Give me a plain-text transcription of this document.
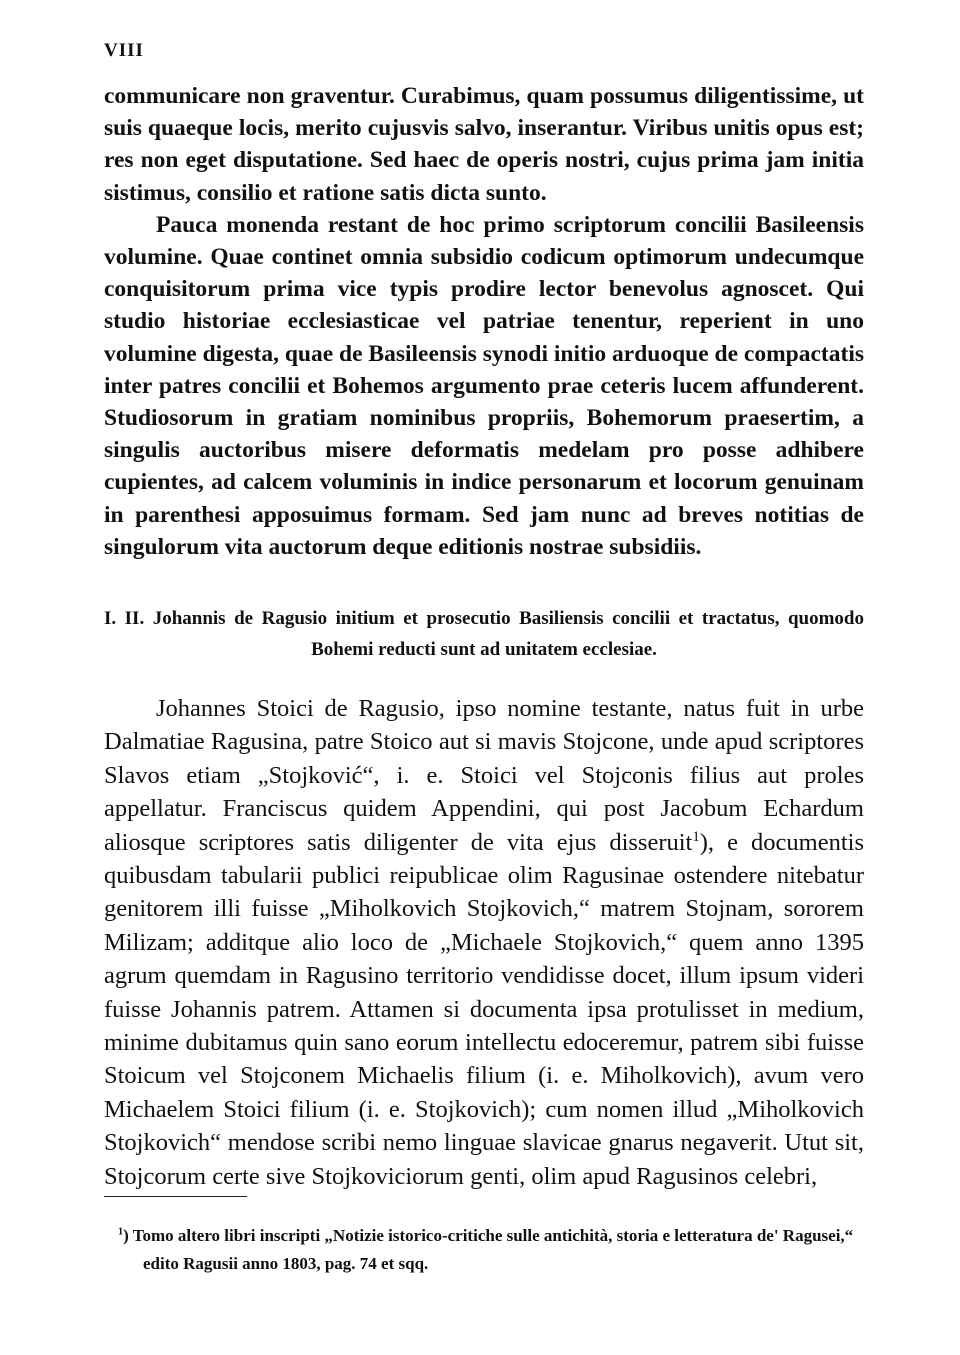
VIII

communicare non graventur. Curabimus, quam possumus diligentissime, ut suis quaeque locis, merito cujusvis salvo, inserantur. Viribus unitis opus est; res non eget disputatione. Sed haec de operis nostri, cujus prima jam initia sistimus, consilio et ratione satis dicta sunto.

Pauca monenda restant de hoc primo scriptorum concilii Basileensis volumine. Quae continet omnia subsidio codicum optimorum undecumque conquisitorum prima vice typis prodire lector benevolus agnoscet. Qui studio historiae ecclesiasticae vel patriae tenentur, reperient in uno volumine digesta, quae de Basileensis synodi initio arduoque de compactatis inter patres concilii et Bohemos argumento prae ceteris lucem affunderent. Studiosorum in gratiam nominibus propriis, Bohemorum praesertim, a singulis auctoribus misere deformatis medelam pro posse adhibere cupientes, ad calcem voluminis in indice personarum et locorum genuinam in parenthesi apposuimus formam. Sed jam nunc ad breves notitias de singulorum vita auctorum deque editionis nostrae subsidiis.

I. II. Johannis de Ragusio initium et prosecutio Basiliensis concilii et tractatus, quomodo Bohemi reducti sunt ad unitatem ecclesiae.

Johannes Stoici de Ragusio, ipso nomine testante, natus fuit in urbe Dalmatiae Ragusina, patre Stoico aut si mavis Stojcone, unde apud scriptores Slavos etiam „Stojković“, i. e. Stoici vel Stojconis filius aut proles appellatur. Franciscus quidem Appendini, qui post Jacobum Echardum aliosque scriptores satis diligenter de vita ejus disseruit$^1$), e documentis quibusdam tabularii publici reipublicae olim Ragusinae ostendere nitebatur genitorem illi fuisse „Miholkovich Stojkovich,“ matrem Stojnam, sororem Milizam; additque alio loco de „Michaele Stojkovich,“ quem anno 1395 agrum quemdam in Ragusino territorio vendidisse docet, illum ipsum videri fuisse Johannis patrem. Attamen si documenta ipsa protulisset in medium, minime dubitamus quin sano eorum intellectu edoceremur, patrem sibi fuisse Stoicum vel Stojconem Michaelis filium (i. e. Miholkovich), avum vero Michaelem Stoici filium (i. e. Stojkovich); cum nomen illud „Miholkovich Stojkovich“ mendose scribi nemo linguae slavicae gnarus negaverit. Utut sit, Stojcorum certe sive Stojkoviciorum genti, olim apud Ragusinos celebri,

$^1$) Tomo altero libri inscripti „Notizie istorico-critiche sulle antichità, storia e letteratura de' Ragusei,“
edito Ragusii anno 1803, pag. 74 et sqq.
